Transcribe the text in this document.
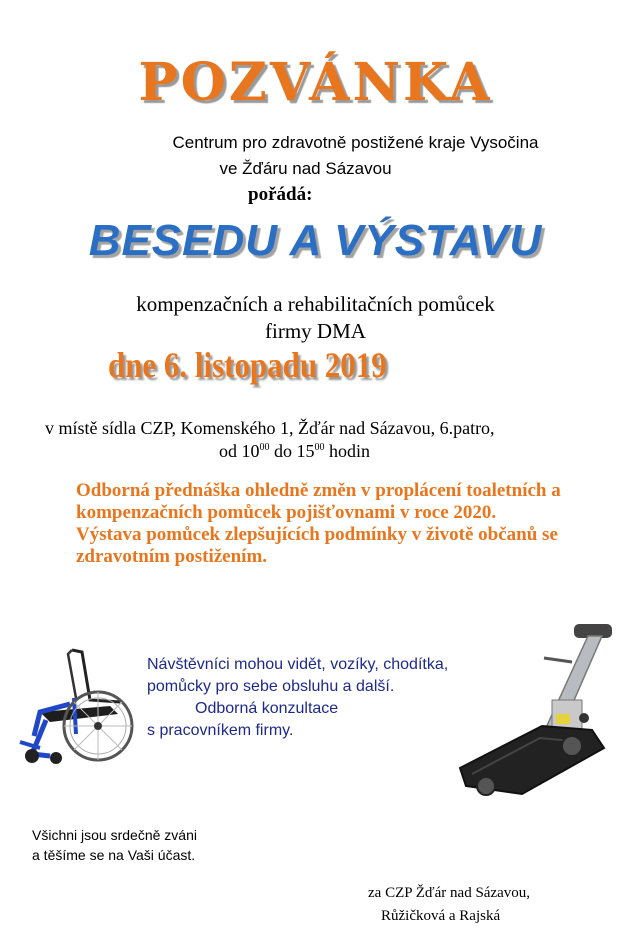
POZVÁNKA
Centrum pro zdravotně postižené kraje Vysočina
ve Žďáru nad Sázavou
pořádá:
BESEDU A VÝSTAVU
kompenzačních a rehabilitačních pomůcek
firmy DMA
dne 6. listopadu 2019
v místě sídla CZP, Komenského 1, Žďár nad Sázavou, 6.patro,
od $10^{00}$ do $15^{00}$ hodin

Odborná přednáška ohledně změn v proplácení toaletních a kompenzačních pomůcek pojišťovnami v roce 2020.

Výstava pomůcek zlepšujících podmínky v životě občanů se zdravotním postižením.

Návštěvníci mohou vidět, vozíky, chodítka,
pomůcky pro sebe obsluhu a další.
Odborná konzultace
s pracovníkem firmy.
Všichni jsou srdečně zváni
a těšíme se na Vaši účast.
za CZP Žďár nad Sázavou,
Růžičková a Rajská
